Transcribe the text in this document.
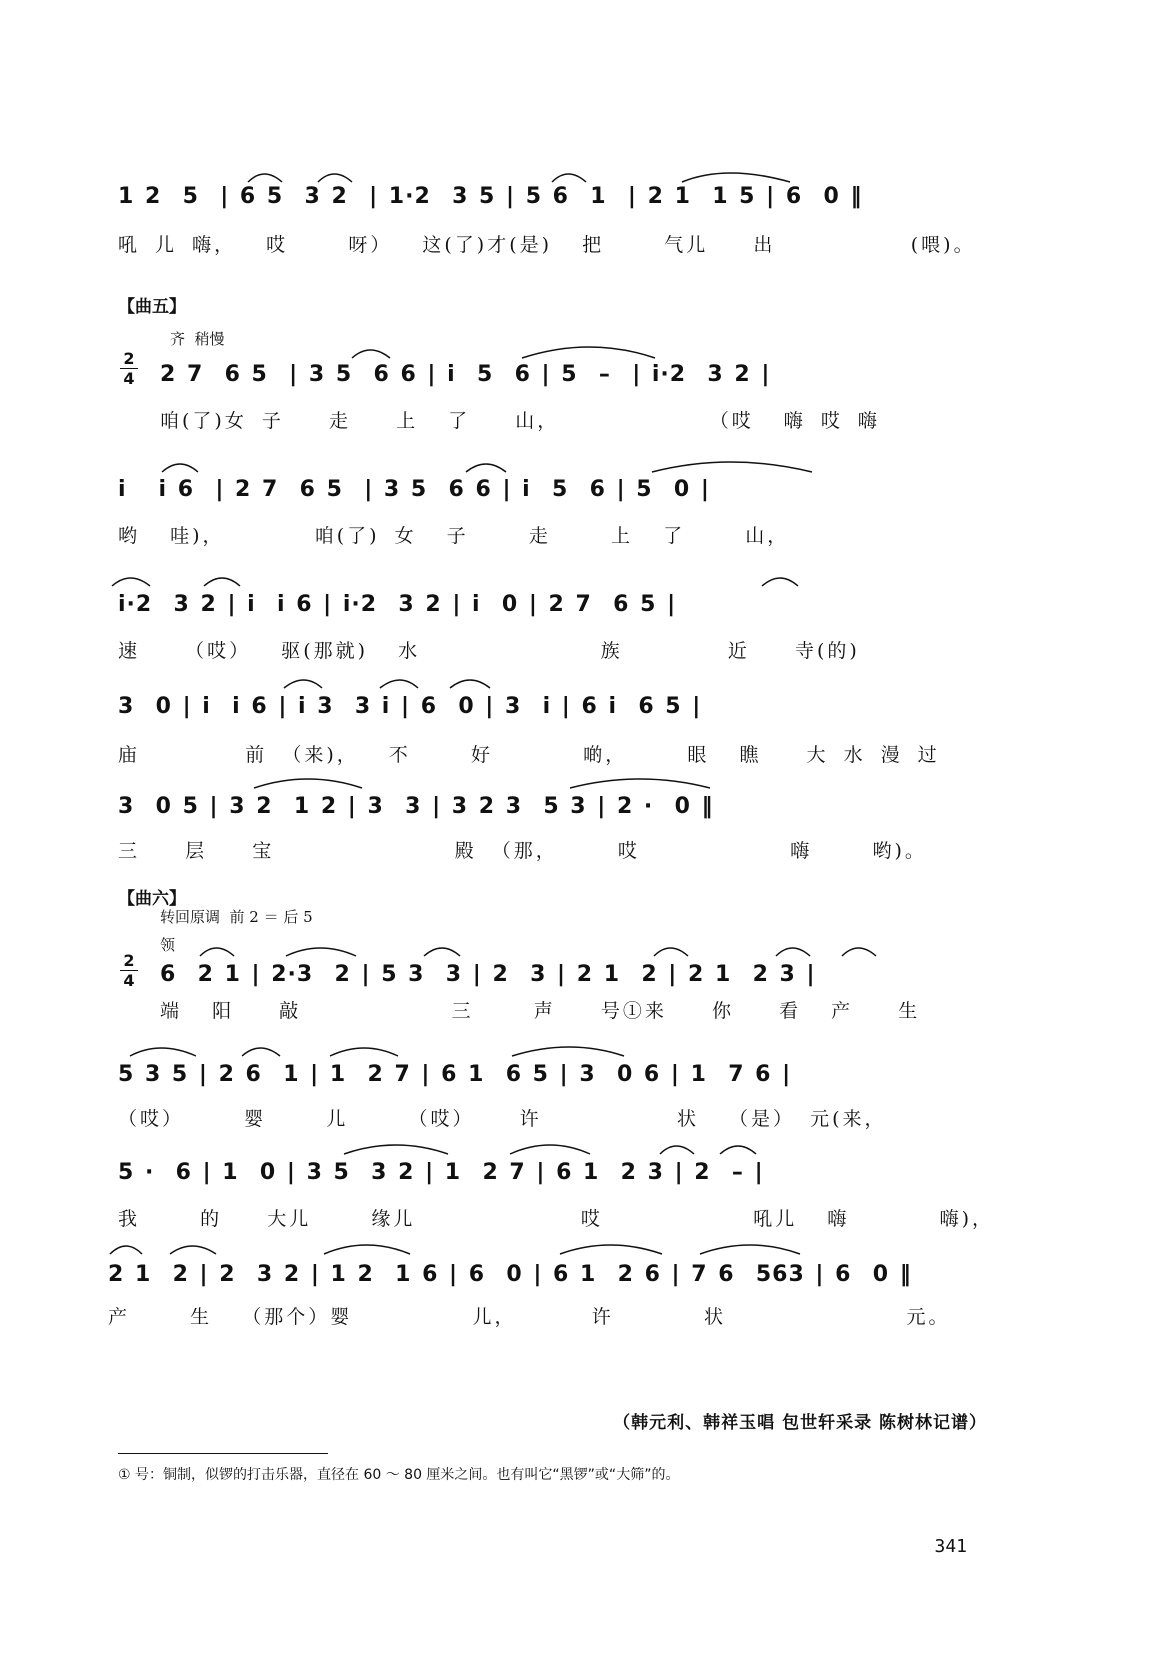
1 2  5  | 6 5  3 2  | 1·2  3 5 | 5 6  1  | 2 1  1 5 | 6  0 ‖
吼 儿 嗨，  哎    呀）  这(了)才(是)  把    气儿   出         (喂)。
【曲五】
齐  稍慢
2
4 2 7  6 5  | 3 5  6 6 | i  5  6 | 5  –  | i·2  3 2 |
咱(了)女 子   走   上  了   山，          （哎  嗨 哎 嗨
i   i 6  | 2 7  6 5  | 3 5  6 6 | i  5  6 | 5  0 |
哟  哇)，      咱(了) 女  子    走    上  了    山，
i·2  3 2 | i  i 6 | i·2  3 2 | i  0 | 2 7  6 5 |
速   （哎）  驱(那就)  水            族       近   寺(的)
3  0 | i  i 6 | i 3  3 i | 6  0 | 3  i | 6 i  6 5 |
庙       前 （来)，  不    好      啲，    眼  瞧   大 水 漫 过
3  0 5 | 3 2  1 2 | 3  3 | 3 2 3  5 3 | 2 ·  0 ‖
三   层   宝            殿 （那，    哎          嗨    哟)。
【曲六】
转回原调  前 2 ＝ 后 5
领
2
4 6  2 1 | 2·3  2 | 5 3  3 | 2  3 | 2 1  2 | 2 1  2 3 |
端  阳   敲          三    声   号①来   你   看  产   生
5 3 5 | 2 6  1 | 1  2 7 | 6 1  6 5 | 3  0 6 | 1  7 6 |
（哎）    婴    儿    （哎）   许         状  （是） 元(来，
5 ·  6 | 1  0 | 3 5  3 2 | 1  2 7 | 6 1  2 3 | 2  – |
我    的   大儿    缘儿           哎          吼儿  嗨      嗨)，
2 1  2 | 2  3 2 | 1 2  1 6 | 6  0 | 6 1  2 6 | 7 6  563 | 6  0 ‖
产    生  （那个）婴        儿，     许      状            元。
（韩元利、韩祥玉唱 包世轩采录 陈树林记谱）
① 号：铜制，似锣的打击乐器，直径在 60 ～ 80 厘米之间。也有叫它“黑锣”或“大筛”的。
341
